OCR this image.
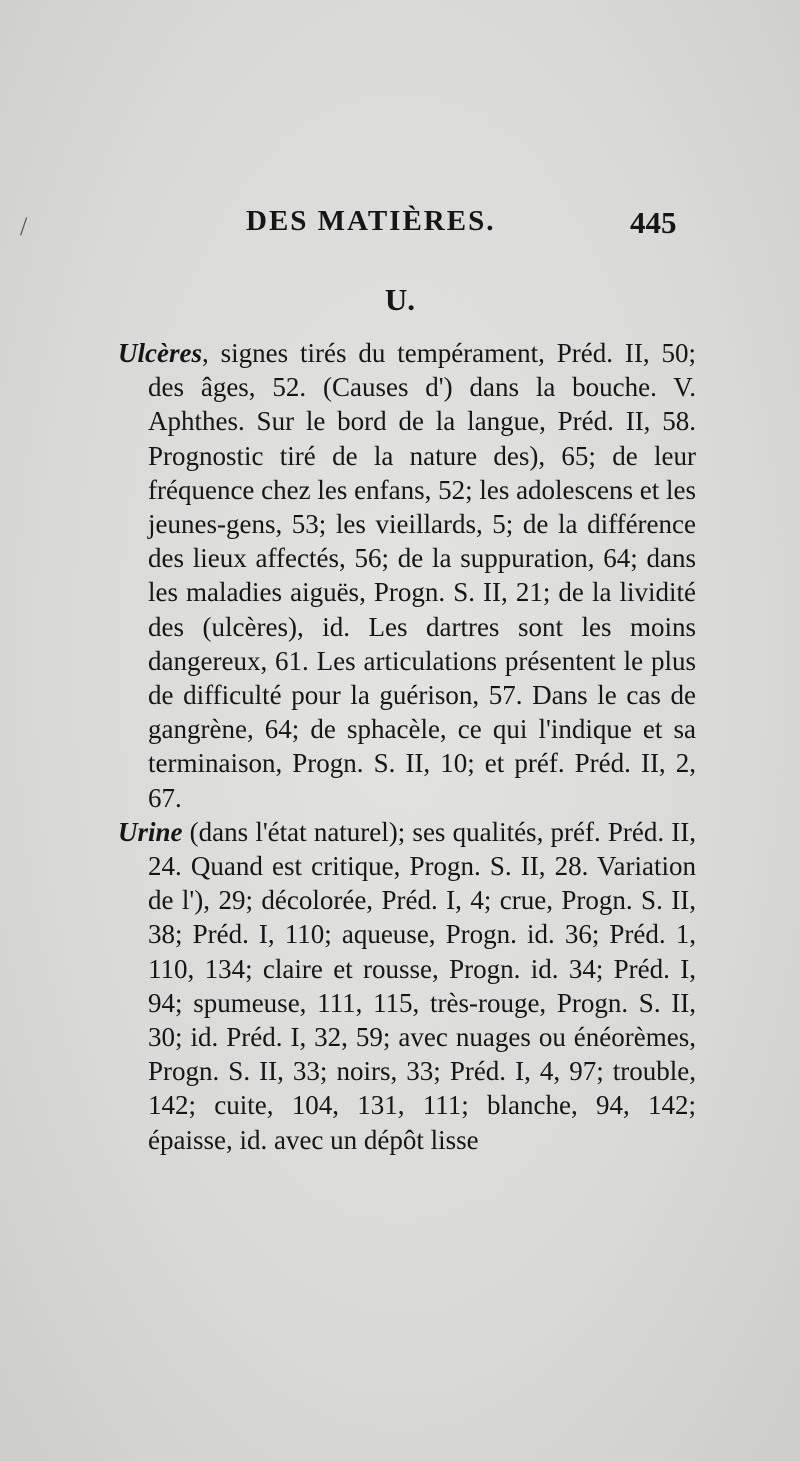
/	DES MATIÈRES.	445
U.

Ulcères, signes tirés du tempérament, Préd. II, 50; des âges, 52. (Causes d') dans la bouche. V. Aphthes. Sur le bord de la langue, Préd. II, 58. Prognostic tiré de la nature des), 65; de leur fréquence chez les enfans, 52; les adolescens et les jeunes-gens, 53; les vieillards, 5; de la différence des lieux affectés, 56; de la suppuration, 64; dans les maladies aiguës, Progn. S. II, 21; de la lividité des (ulcères), id. Les dartres sont les moins dangereux, 61. Les articulations présentent le plus de difficulté pour la guérison, 57. Dans le cas de gangrène, 64; de sphacèle, ce qui l'indique et sa terminaison, Progn. S. II, 10; et préf. Préd. II, 2, 67.

Urine (dans l'état naturel); ses qualités, préf. Préd. II, 24. Quand est critique, Progn. S. II, 28. Variation de l'), 29; décolorée, Préd. I, 4; crue, Progn. S. II, 38; Préd. I, 110; aqueuse, Progn. id. 36; Préd. 1, 110, 134; claire et rousse, Progn. id. 34; Préd. I, 94; spumeuse, 111, 115, très-rouge, Progn. S. II, 30; id. Préd. I, 32, 59; avec nuages ou énéorèmes, Progn. S. II, 33; noirs, 33; Préd. I, 4, 97; trouble, 142; cuite, 104, 131, 111; blanche, 94, 142; épaisse, id. avec un dépôt lisse
